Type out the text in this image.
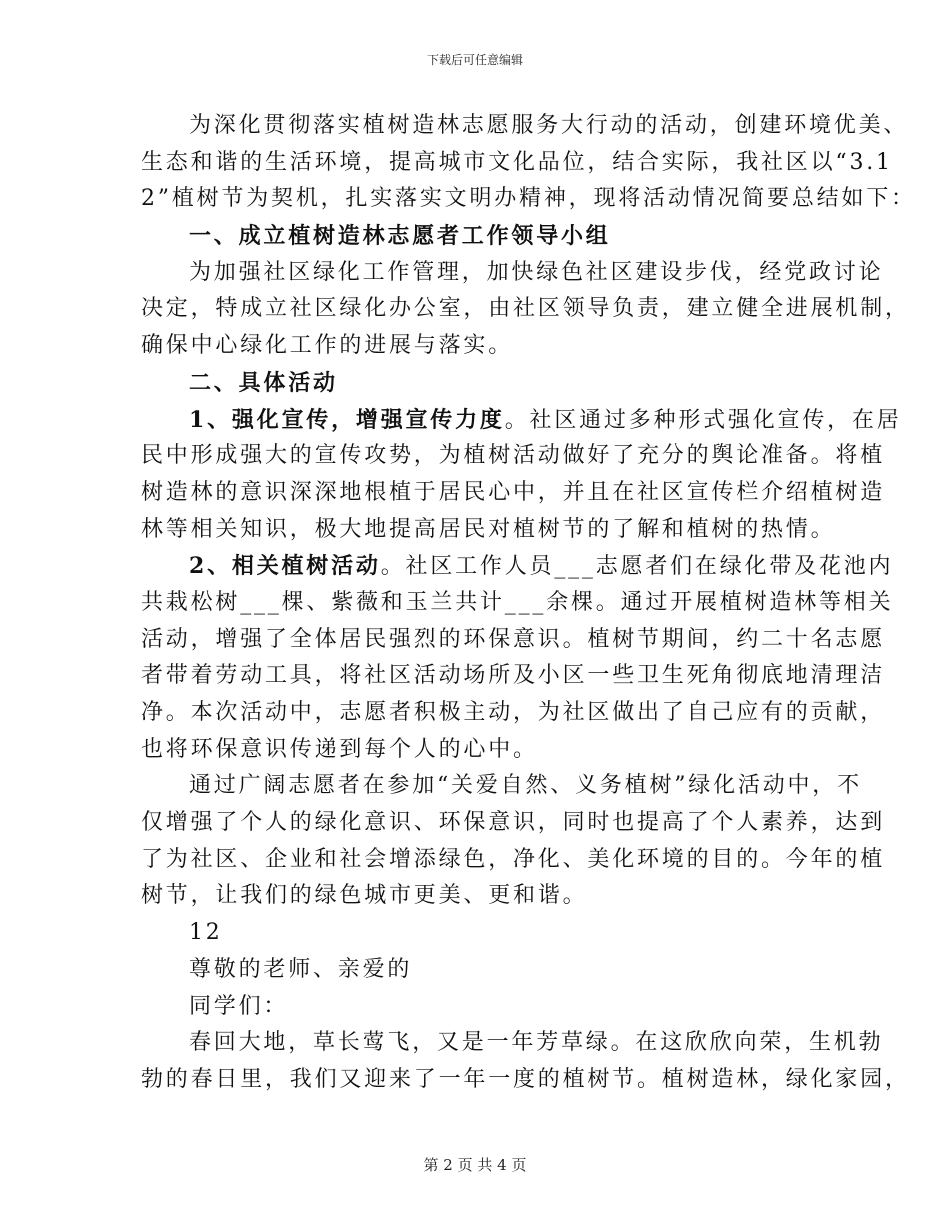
下载后可任意编辑
为深化贯彻落实植树造林志愿服务大行动的活动，创建环境优美、
生态和谐的生活环境，提高城市文化品位，结合实际，我社区以“3.1
2”植树节为契机，扎实落实文明办精神，现将活动情况简要总结如下：
一、成立植树造林志愿者工作领导小组
为加强社区绿化工作管理，加快绿色社区建设步伐，经党政讨论
决定，特成立社区绿化办公室，由社区领导负责，建立健全进展机制，
确保中心绿化工作的进展与落实。
二、具体活动
1、强化宣传，增强宣传力度。社区通过多种形式强化宣传，在居
民中形成强大的宣传攻势，为植树活动做好了充分的舆论准备。将植
树造林的意识深深地根植于居民心中，并且在社区宣传栏介绍植树造
林等相关知识，极大地提高居民对植树节的了解和植树的热情。
2、相关植树活动。社区工作人员___志愿者们在绿化带及花池内
共栽松树___棵、紫薇和玉兰共计___余棵。通过开展植树造林等相关
活动，增强了全体居民强烈的环保意识。植树节期间，约二十名志愿
者带着劳动工具，将社区活动场所及小区一些卫生死角彻底地清理洁
净。本次活动中，志愿者积极主动，为社区做出了自己应有的贡献，
也将环保意识传递到每个人的心中。
通过广阔志愿者在参加“关爱自然、义务植树”绿化活动中，不
仅增强了个人的绿化意识、环保意识，同时也提高了个人素养，达到
了为社区、企业和社会增添绿色，净化、美化环境的目的。今年的植
树节，让我们的绿色城市更美、更和谐。
12
尊敬的老师、亲爱的
同学们：
春回大地，草长莺飞，又是一年芳草绿。在这欣欣向荣，生机勃
勃的春日里，我们又迎来了一年一度的植树节。植树造林，绿化家园，
第 2 页 共 4 页
